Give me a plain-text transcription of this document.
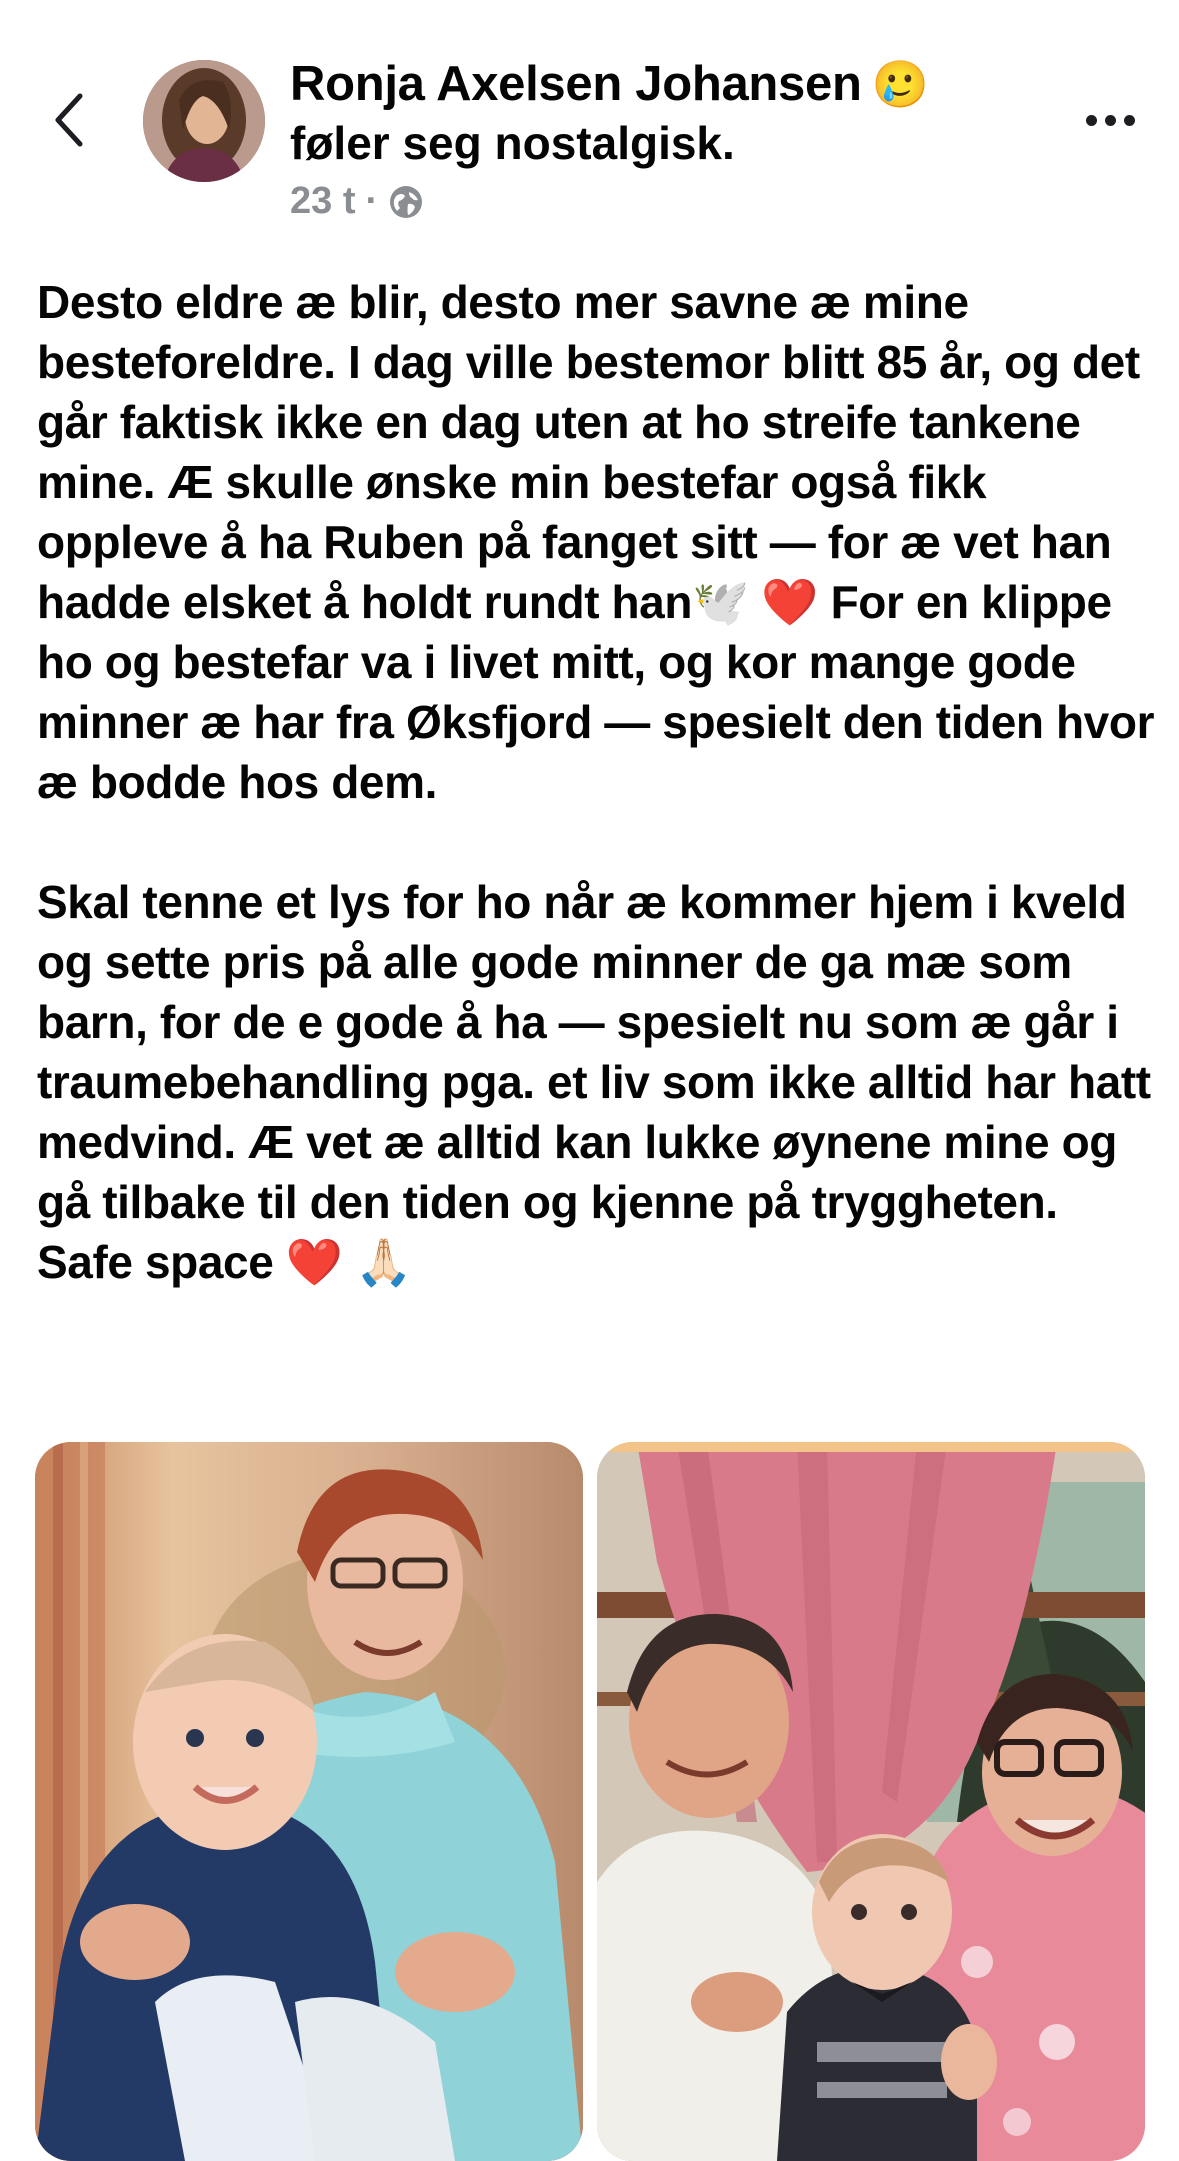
Ronja Axelsen Johansen 🥲
føler seg nostalgisk.
23 t ·

Desto eldre æ blir, desto mer savne æ mine besteforeldre. I dag ville bestemor blitt 85 år, og det går faktisk ikke en dag uten at ho streife tankene mine. Æ skulle ønske min bestefar også fikk oppleve å ha Ruben på fanget sitt — for æ vet han hadde elsket å holdt rundt han🕊️ ❤️ For en klippe ho og bestefar va i livet mitt, og kor mange gode minner æ har fra Øksfjord — spesielt den tiden hvor æ bodde hos dem.

Skal tenne et lys for ho når æ kommer hjem i kveld og sette pris på alle gode minner de ga mæ som barn, for de e gode å ha — spesielt nu som æ går i traumebehandling pga. et liv som ikke alltid har hatt medvind. Æ vet æ alltid kan lukke øynene mine og gå tilbake til den tiden og kjenne på tryggheten. Safe space ❤️ 🙏🏻
